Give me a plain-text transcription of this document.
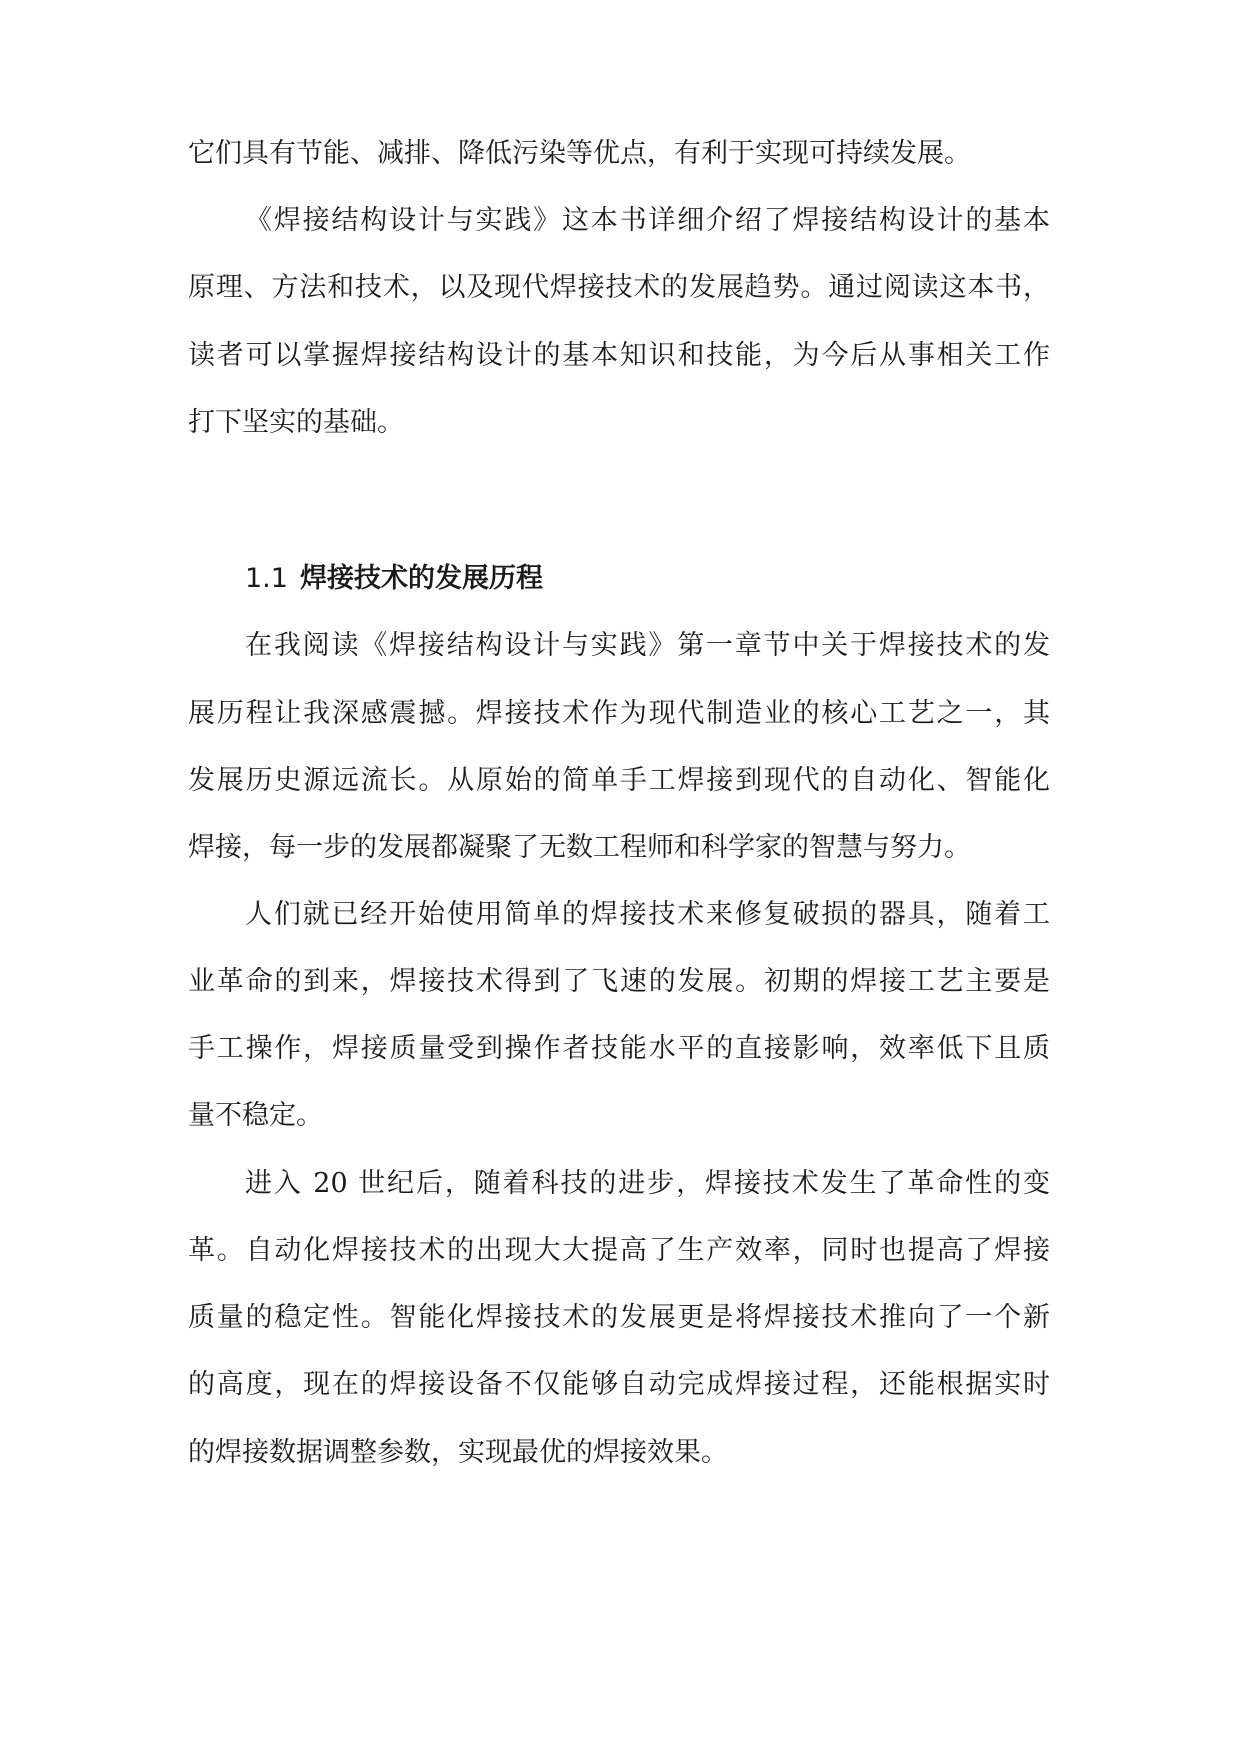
它们具有节能、减排、降低污染等优点，有利于实现可持续发展。
《焊接结构设计与实践》这本书详细介绍了焊接结构设计的基本
原理、方法和技术，以及现代焊接技术的发展趋势。通过阅读这本书，
读者可以掌握焊接结构设计的基本知识和技能，为今后从事相关工作
打下坚实的基础。
1.1 焊接技术的发展历程
在我阅读《焊接结构设计与实践》第一章节中关于焊接技术的发
展历程让我深感震撼。焊接技术作为现代制造业的核心工艺之一，其
发展历史源远流长。从原始的简单手工焊接到现代的自动化、智能化
焊接，每一步的发展都凝聚了无数工程师和科学家的智慧与努力。
人们就已经开始使用简单的焊接技术来修复破损的器具，随着工
业革命的到来，焊接技术得到了飞速的发展。初期的焊接工艺主要是
手工操作，焊接质量受到操作者技能水平的直接影响，效率低下且质
量不稳定。
进入 20 世纪后，随着科技的进步，焊接技术发生了革命性的变
革。自动化焊接技术的出现大大提高了生产效率，同时也提高了焊接
质量的稳定性。智能化焊接技术的发展更是将焊接技术推向了一个新
的高度，现在的焊接设备不仅能够自动完成焊接过程，还能根据实时
的焊接数据调整参数，实现最优的焊接效果。
